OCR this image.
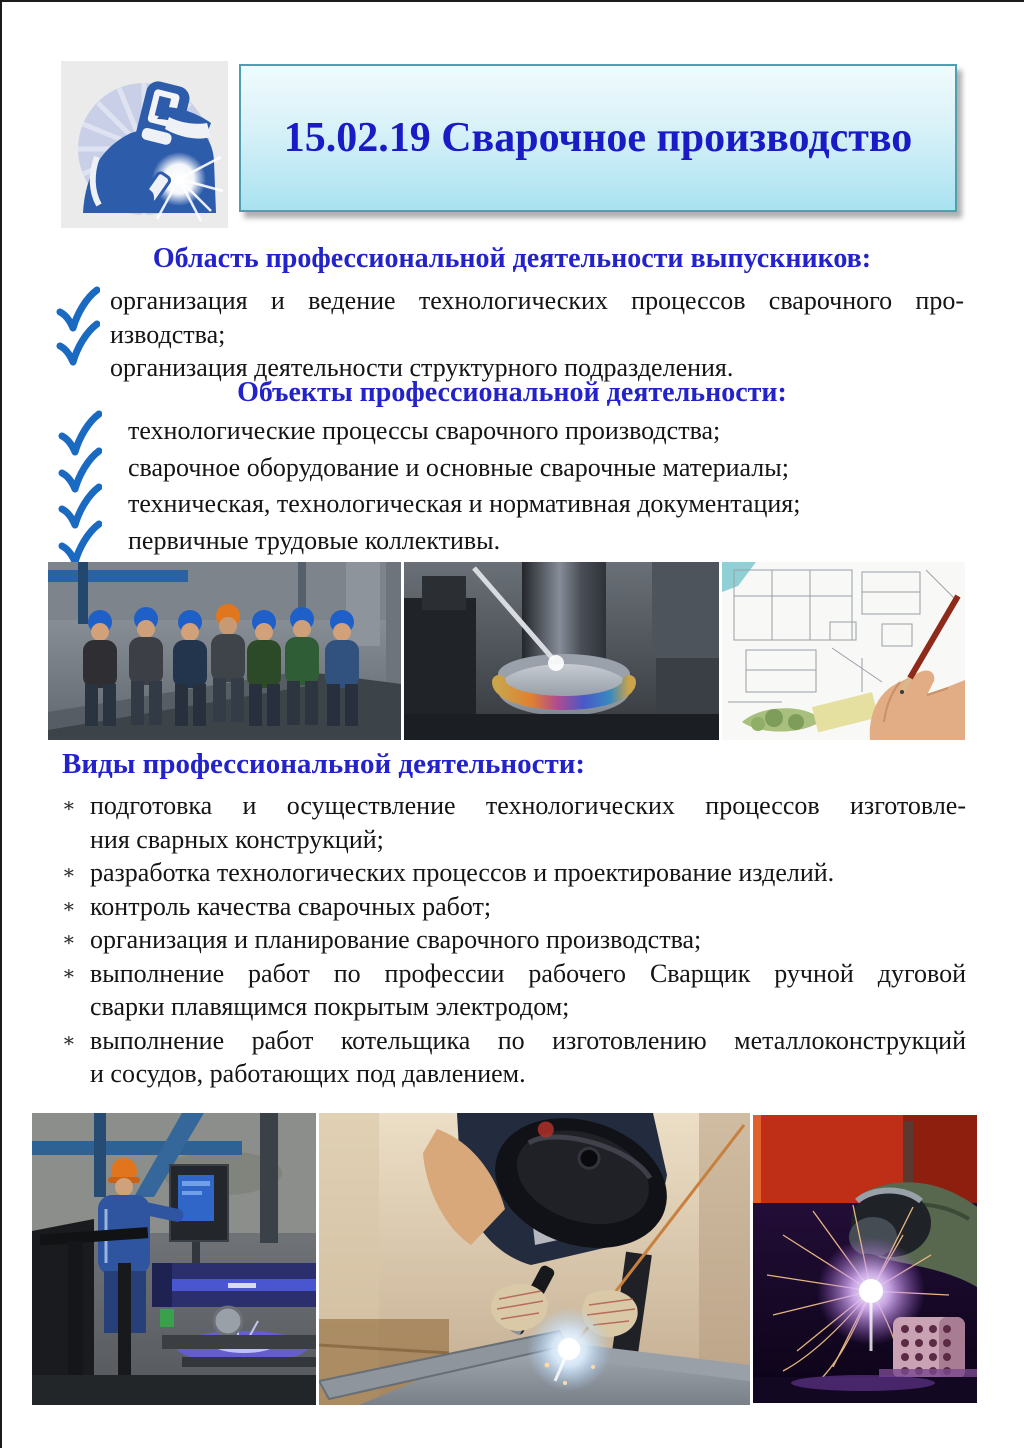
15.02.19 Сварочное производство
Область профессиональной деятельности выпускников:
организация и ведение технологических процессов сварочного про-
изводства;
организация деятельности структурного подразделения.
Объекты профессиональной деятельности:
технологические процессы сварочного производства;
сварочное оборудование и основные сварочные материалы;
техническая, технологическая и нормативная документация;
первичные трудовые коллективы.
Виды профессиональной деятельности:
∗ подготовка и осуществление технологических процессов изготовле-
ния сварных конструкций;
∗ разработка технологических процессов и проектирование изделий.
∗ контроль качества сварочных работ;
∗ организация и планирование сварочного производства;
∗ выполнение работ по профессии рабочего Сварщик ручной дуговой
сварки плавящимся покрытым электродом;
∗ выполнение работ котельщика по изготовлению металлоконструкций
и сосудов, работающих под давлением.
